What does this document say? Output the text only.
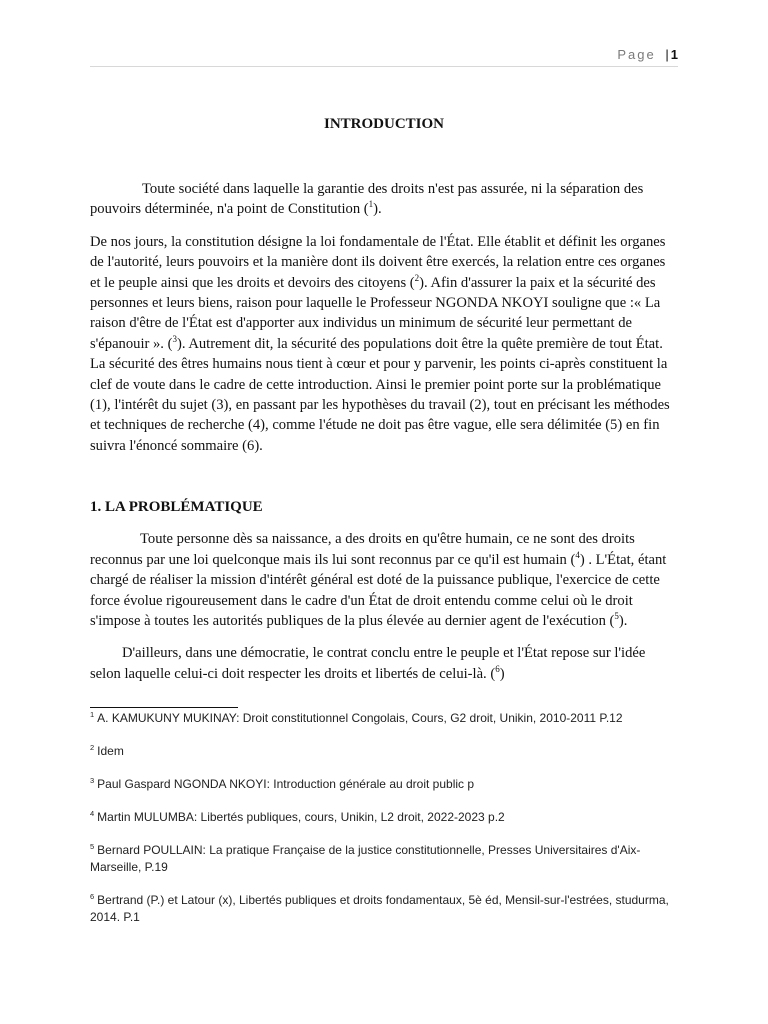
Page | 1
INTRODUCTION

Toute société dans laquelle la garantie des droits n'est pas assurée, ni la séparation des pouvoirs déterminée, n'a point de Constitution ($^1$).

De nos jours, la constitution désigne la loi fondamentale de l'État. Elle établit et définit les organes de l'autorité, leurs pouvoirs et la manière dont ils doivent être exercés, la relation entre ces organes et le peuple ainsi que les droits et devoirs des citoyens ($^2$). Afin d'assurer la paix et la sécurité des personnes et leurs biens, raison pour laquelle le Professeur NGONDA NKOYI souligne que :« La raison d'être de l'État est d'apporter aux individus un minimum de sécurité leur permettant de s'épanouir ». ($^3$). Autrement dit, la sécurité des populations doit être la quête première de tout État. La sécurité des êtres humains nous tient à cœur et pour y parvenir, les points ci-après constituent la clef de voute dans le cadre de cette introduction. Ainsi le premier point porte sur la problématique (1), l'intérêt du sujet (3), en passant par les hypothèses du travail (2), tout en précisant les méthodes et techniques de recherche (4), comme l'étude ne doit pas être vague, elle sera délimitée (5) en fin suivra l'énoncé sommaire (6).

1. LA PROBLÉMATIQUE

Toute personne dès sa naissance, a des droits en qu'être humain, ce ne sont des droits reconnus par une loi quelconque mais ils lui sont reconnus par ce qu'il est humain ($^4$) . L'État, étant chargé de réaliser la mission d'intérêt général est doté de la puissance publique, l'exercice de cette force évolue rigoureusement dans le cadre d'un État de droit entendu comme celui où le droit s'impose à toutes les autorités publiques de la plus élevée au dernier agent de l'exécution ($^5$).

D'ailleurs, dans une démocratie, le contrat conclu entre le peuple et l'État repose sur l'idée selon laquelle celui-ci doit respecter les droits et libertés de celui-là. ($^6$)

$^1$ A. KAMUKUNY MUKINAY: Droit constitutionnel Congolais, Cours, G2 droit, Unikin, 2010-2011 P.12
$^2$ Idem
$^3$ Paul Gaspard NGONDA NKOYI: Introduction générale au droit public p
$^4$ Martin MULUMBA: Libertés publiques, cours, Unikin, L2 droit, 2022-2023 p.2
$^5$ Bernard POULLAIN: La pratique Française de la justice constitutionnelle, Presses Universitaires d'Aix-Marseille, P.19
$^6$ Bertrand (P.) et Latour (x), Libertés publiques et droits fondamentaux, 5è éd, Mensil-sur-l'estrées, studurma, 2014. P.1
